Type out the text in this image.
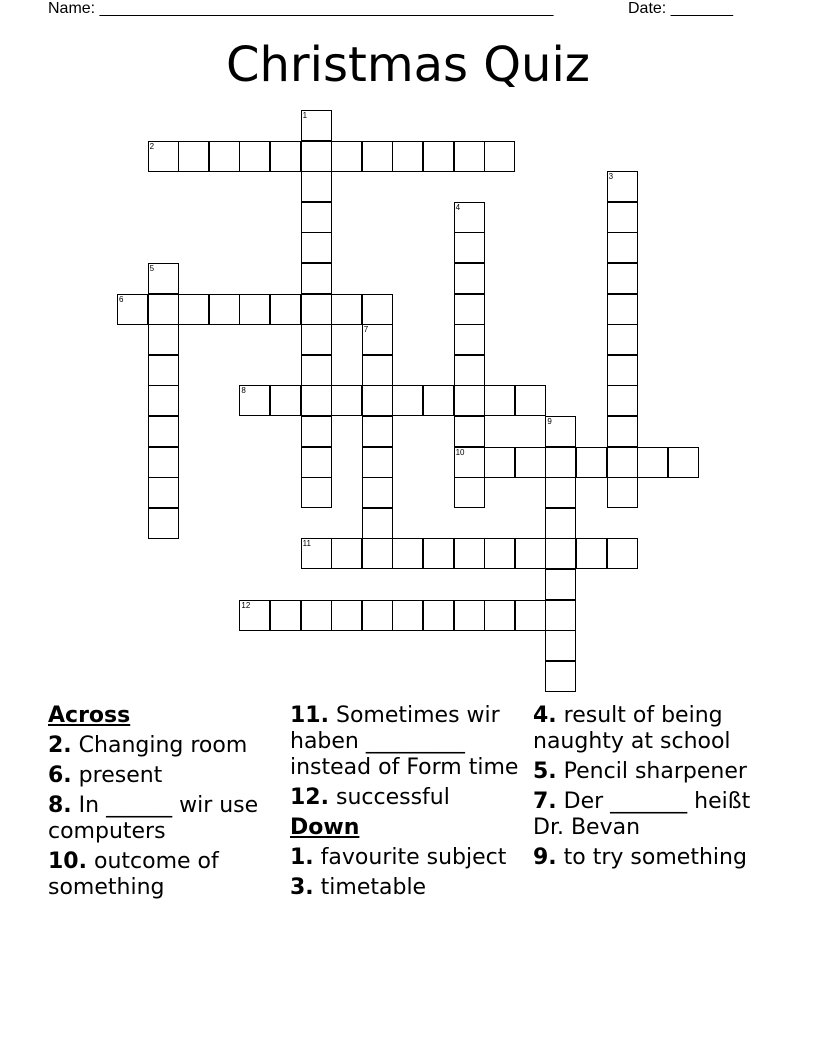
Name: ___________________________________________________	Date: _______
Christmas Quiz
1
2
3
4
10
5
6
7
8
9
11
12
Across
2. Changing room
6. present
8. In ______ wir use computers
10. outcome of something
11. Sometimes wir haben _________ instead of Form time
12. successful
Down
1. favourite subject
3. timetable
4. result of being naughty at school
5. Pencil sharpener
7. Der _______ heißt Dr. Bevan
9. to try something
